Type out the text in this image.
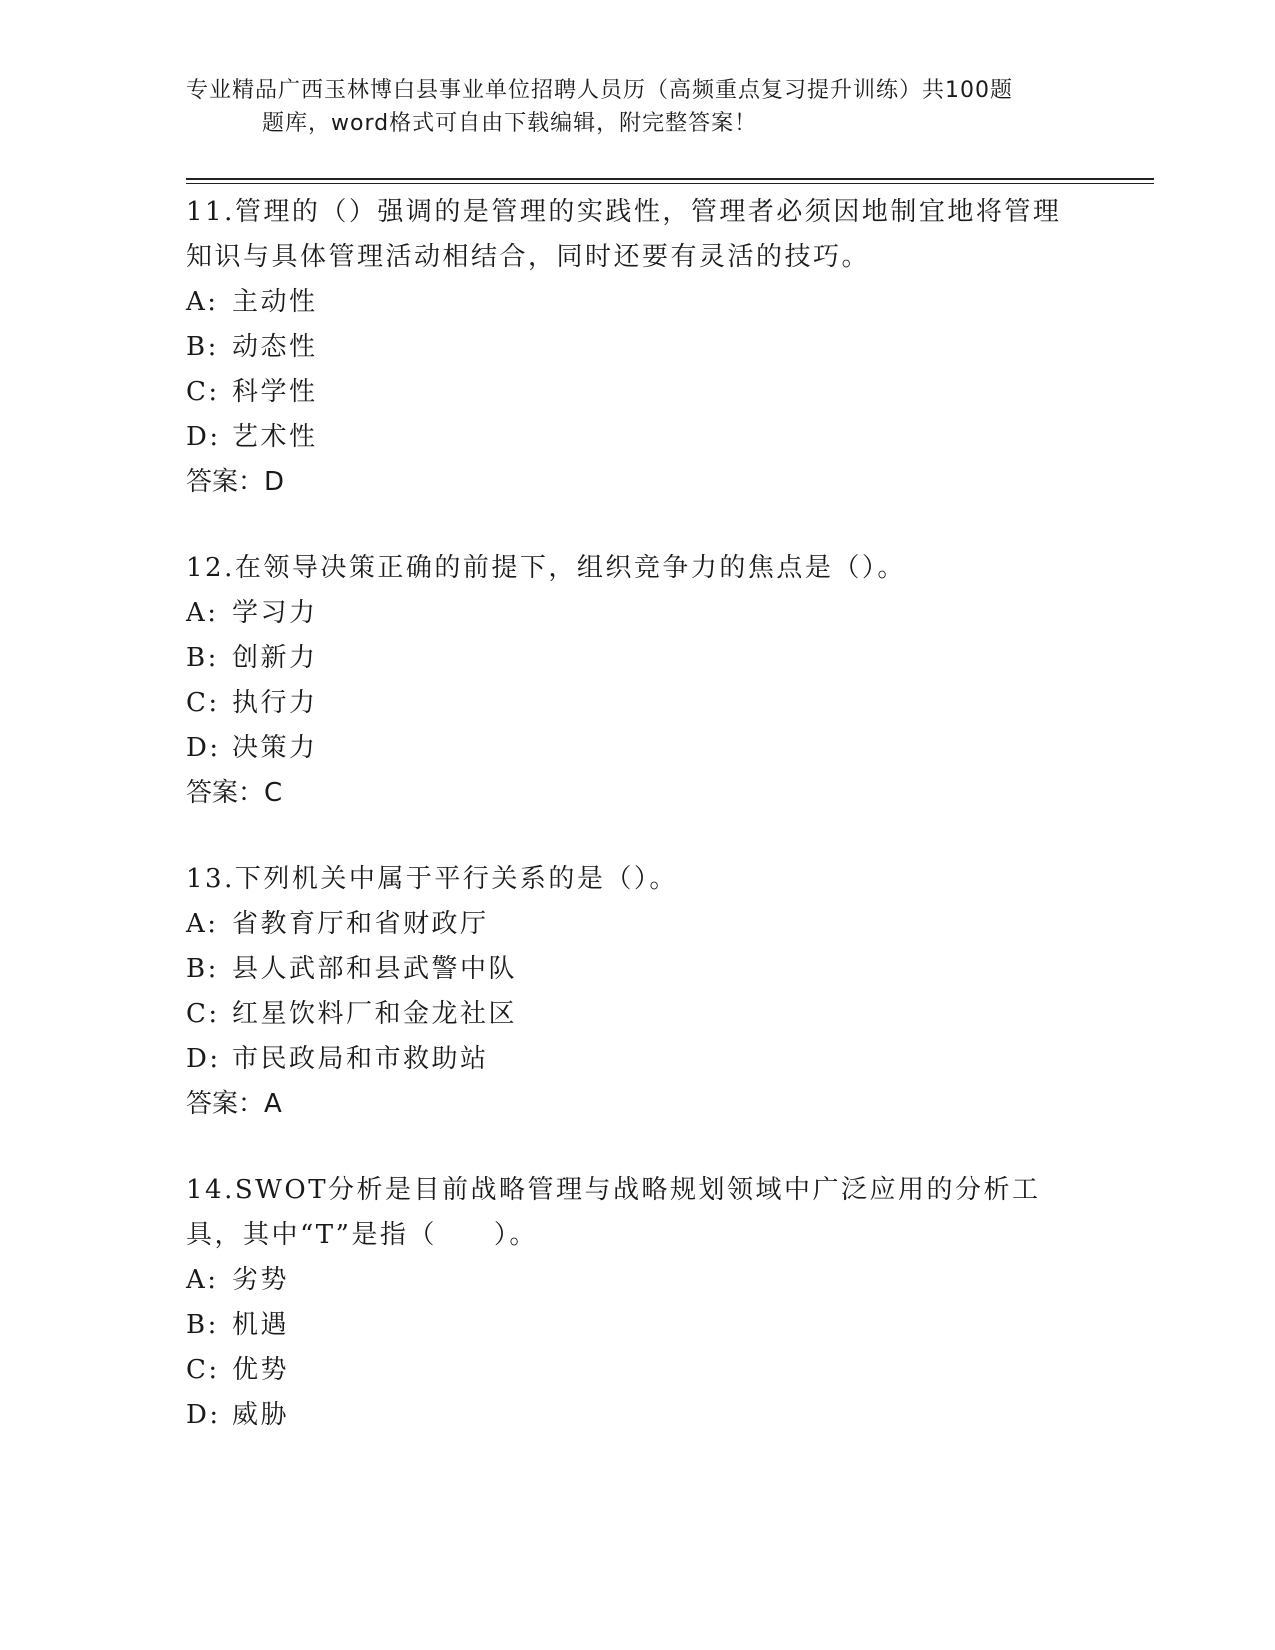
专业精品广西玉林博白县事业单位招聘人员历（高频重点复习提升训练）共100题
题库，word格式可自由下载编辑，附完整答案！
11.管理的（）强调的是管理的实践性，管理者必须因地制宜地将管理知识与具体管理活动相结合，同时还要有灵活的技巧。
A: 主动性
B: 动态性
C: 科学性
D: 艺术性
答案：D
12.在领导决策正确的前提下，组织竞争力的焦点是（）。
A: 学习力
B: 创新力
C: 执行力
D: 决策力
答案：C
13.下列机关中属于平行关系的是（）。
A: 省教育厅和省财政厅
B: 县人武部和县武警中队
C: 红星饮料厂和金龙社区
D: 市民政局和市救助站
答案：A
14.SWOT分析是目前战略管理与战略规划领域中广泛应用的分析工具，其中“T”是指（　　）。
A: 劣势
B: 机遇
C: 优势
D: 威胁
